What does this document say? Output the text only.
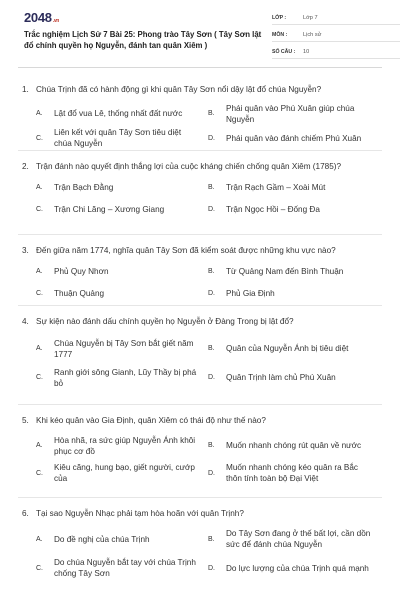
2048.vn
Trắc nghiệm Lịch Sử 7 Bài 25: Phong trào Tây Sơn ( Tây Sơn lật đổ chính quyền họ Nguyễn, đánh tan quân Xiêm )
LỚP :	Lớp 7
MÔN :	Lịch sử
SỐ CÂU :	10
1. Chúa Trịnh đã có hành động gì khi quân Tây Sơn nổi dậy lật đổ chúa Nguyễn?
A.	Lật đổ vua Lê, thống nhất đất nước	B.
Phái quân vào Phú Xuân giúp chúa Nguyễn
C.
Liên kết với quân Tây Sơn tiêu diệt chúa Nguyễn
D.	Phái quân vào đánh chiếm Phú Xuân
2. Trận đánh nào quyết định thắng lợi của cuộc kháng chiến chống quân Xiêm (1785)?
A.	Trận Bạch Đằng	B.	Trận Rạch Gầm – Xoài Mút
C.	Trận Chi Lăng – Xương Giang	D.	Trận Ngọc Hồi – Đống Đa
3. Đến giữa năm 1774, nghĩa quân Tây Sơn đã kiểm soát được những khu vực nào?
A.	Phủ Quy Nhơn	B.	Từ Quảng Nam đến Bình Thuận
C.	Thuận Quảng	D.	Phủ Gia Định
4. Sự kiện nào đánh dấu chính quyền họ Nguyễn ở Đàng Trong bị lật đổ?
A.
Chúa Nguyễn bị Tây Sơn bắt giết năm 1777
B.	Quân của Nguyễn Ánh bị tiêu diệt
C.
Ranh giới sông Gianh, Lũy Thầy bị phá bỏ
D.	Quân Trịnh làm chủ Phú Xuân
5. Khi kéo quân vào Gia Định, quân Xiêm có thái độ như thế nào?
A.
Hòa nhã, ra sức giúp Nguyễn Ánh khôi phục cơ đồ
B.	Muốn nhanh chóng rút quân về nước
C.
Kiêu căng, hung bạo, giết người, cướp của
D.
Muốn nhanh chóng kéo quân ra Bắc thôn tính toàn bộ Đại Việt
6. Tại sao Nguyễn Nhạc phải tạm hòa hoãn với quân Trịnh?
A.	Do đề nghị của chúa Trịnh	B.
Do Tây Sơn đang ở thế bất lợi, cần dồn sức để đánh chúa Nguyễn
C.
Do chúa Nguyễn bắt tay với chúa Trịnh chống Tây Sơn
D.	Do lực lượng của chúa Trịnh quá mạnh
